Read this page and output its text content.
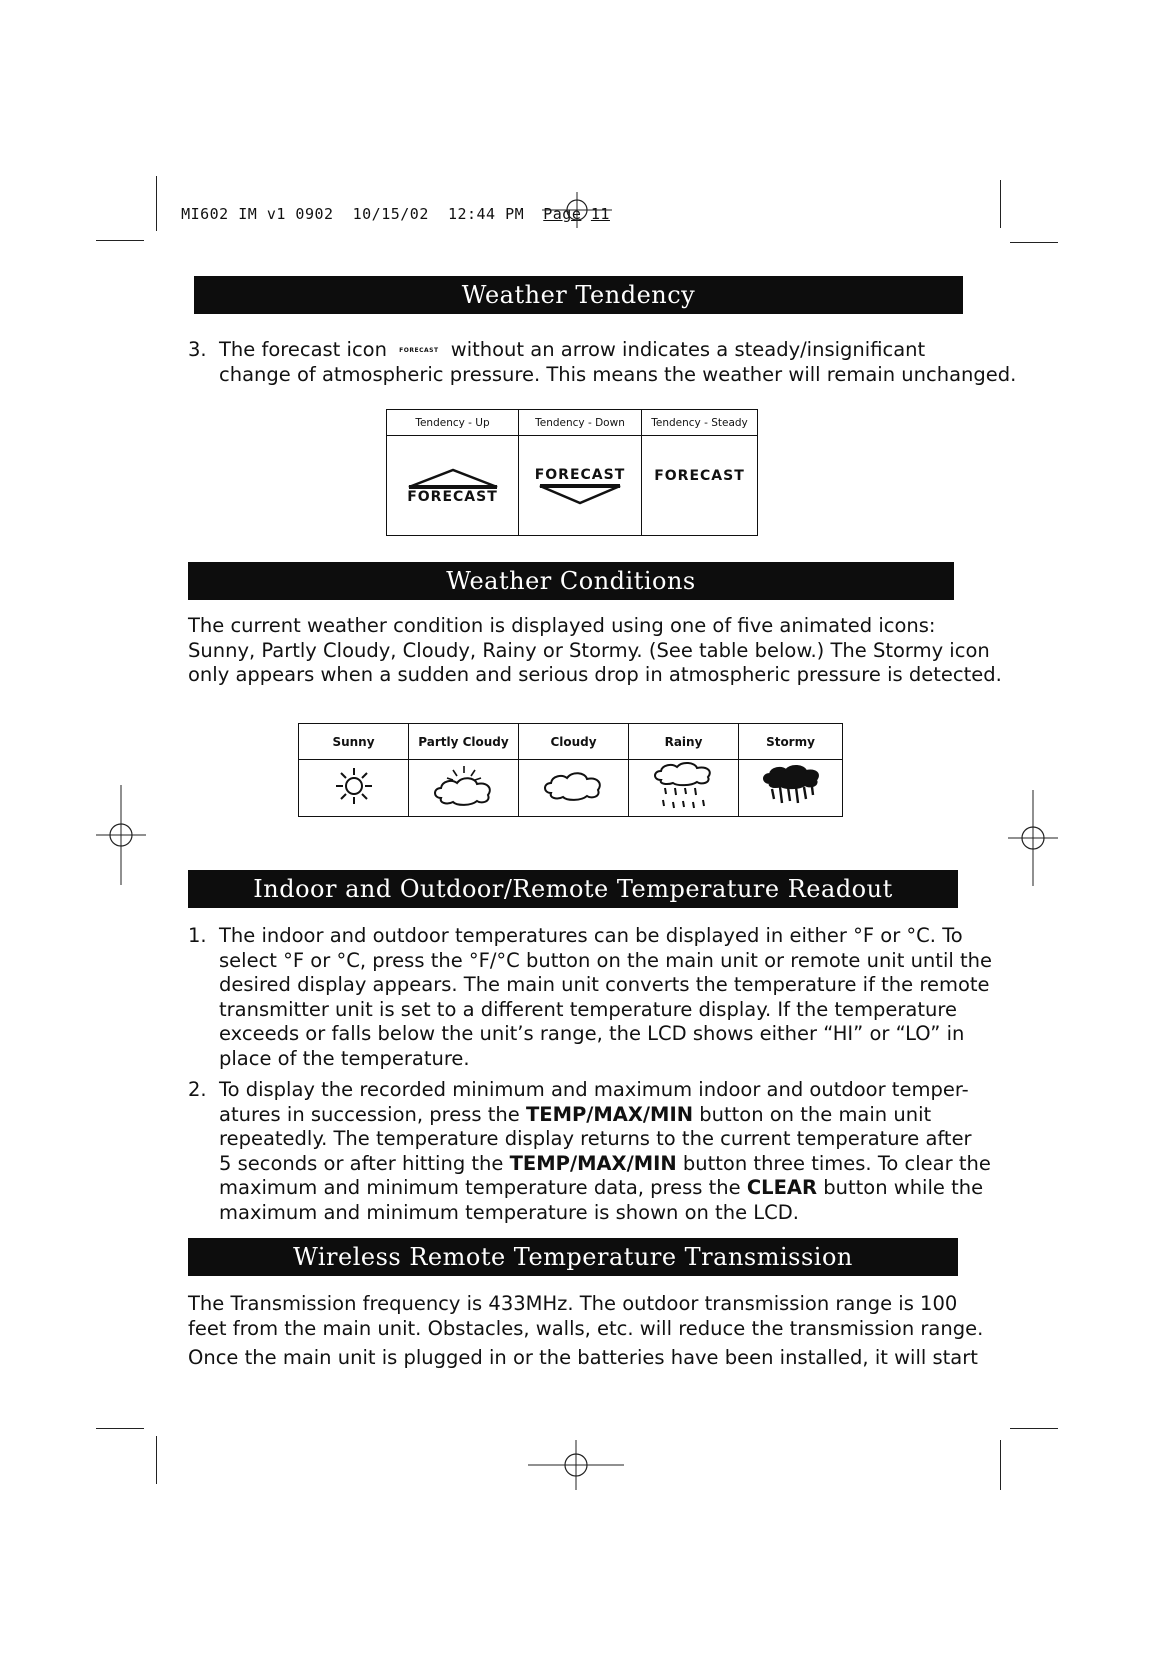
MI602 IM v1 0902 10/15/02 12:44 PM Page 11

Weather Tendency
3. The forecast icon $^{FORECAST}$ without an arrow indicates a steady/insignificant
change of atmospheric pressure. This means the weather will remain unchanged.
Tendency - Up	Tendency - Down	Tendency - Steady

FORECAST	FORECAST	FORECAST
Weather Conditions
The current weather condition is displayed using one of five animated icons:
Sunny, Partly Cloudy, Cloudy, Rainy or Stormy. (See table below.) The Stormy icon
only appears when a sudden and serious drop in atmospheric pressure is detected.
Sunny	Partly Cloudy	Cloudy	Rainy	Stormy

Indoor and Outdoor/Remote Temperature Readout
1. The indoor and outdoor temperatures can be displayed in either °F or °C. To
select °F or °C, press the °F/°C button on the main unit or remote unit until the
desired display appears. The main unit converts the temperature if the remote
transmitter unit is set to a different temperature display. If the temperature
exceeds or falls below the unit’s range, the LCD shows either “HI” or “LO” in
place of the temperature.
2. To display the recorded minimum and maximum indoor and outdoor temper-
atures in succession, press the TEMP/MAX/MIN button on the main unit
repeatedly. The temperature display returns to the current temperature after
5 seconds or after hitting the TEMP/MAX/MIN button three times. To clear the
maximum and minimum temperature data, press the CLEAR button while the
maximum and minimum temperature is shown on the LCD.
Wireless Remote Temperature Transmission
The Transmission frequency is 433MHz. The outdoor transmission range is 100
feet from the main unit. Obstacles, walls, etc. will reduce the transmission range.
Once the main unit is plugged in or the batteries have been installed, it will start
